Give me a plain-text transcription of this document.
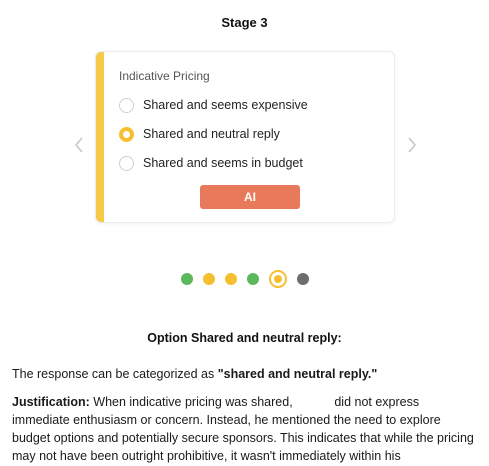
Stage 3
Indicative Pricing
Shared and seems expensive
Shared and neutral reply
Shared and seems in budget
AI
Option Shared and neutral reply:
The response can be categorized as "shared and neutral reply."
Justification: When indicative pricing was shared,            did not express immediate enthusiasm or concern. Instead, he mentioned the need to explore budget options and potentially secure sponsors. This indicates that while the pricing may not have been outright prohibitive, it wasn't immediately within his
